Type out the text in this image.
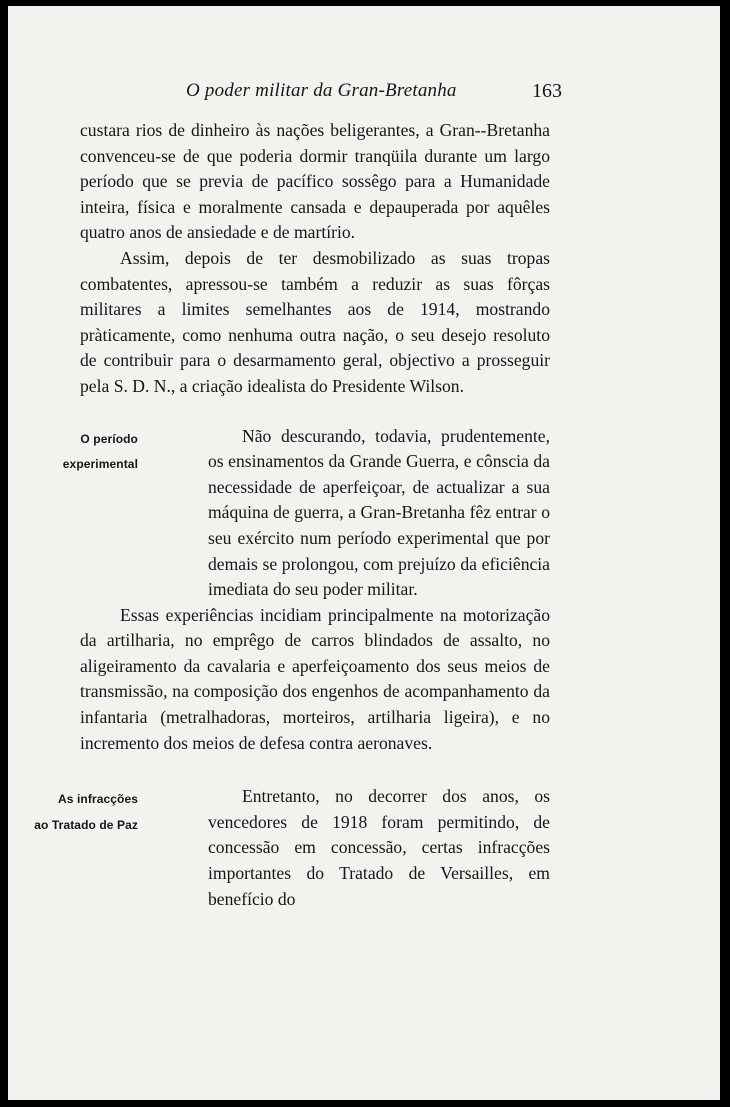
O poder militar da Gran-Bretanha	163

custara rios de dinheiro às nações beligerantes, a Gran--Bretanha convenceu-se de que poderia dormir tranqüila durante um largo período que se previa de pacífico sossêgo para a Humanidade inteira, física e moralmente cansada e depauperada por aquêles quatro anos de ansiedade e de martírio.

Assim, depois de ter desmobilizado as suas tropas combatentes, apressou-se também a reduzir as suas fôrças militares a limites semelhantes aos de 1914, mostrando pràticamente, como nenhuma outra nação, o seu desejo resoluto de contribuir para o desarmamento geral, objectivo a prosseguir pela S. D. N., a criação idealista do Presidente Wilson.

O período
experimental

Não descurando, todavia, prudentemente, os ensinamentos da Grande Guerra, e cônscia da necessidade de aperfeiçoar, de actualizar a sua máquina de guerra, a Gran-Bretanha fêz entrar o seu exército num período experimental que por demais se prolongou, com prejuízo da eficiência imediata do seu poder militar.

Essas experiências incidiam principalmente na motorização da artilharia, no emprêgo de carros blindados de assalto, no aligeiramento da cavalaria e aperfeiçoamento dos seus meios de transmissão, na composição dos engenhos de acompanhamento da infantaria (metralhadoras, morteiros, artilharia ligeira), e no incremento dos meios de defesa contra aeronaves.

As infracções
ao Tratado de Paz

Entretanto, no decorrer dos anos, os vencedores de 1918 foram permitindo, de concessão em concessão, certas infracções importantes do Tratado de Versailles, em benefício do
